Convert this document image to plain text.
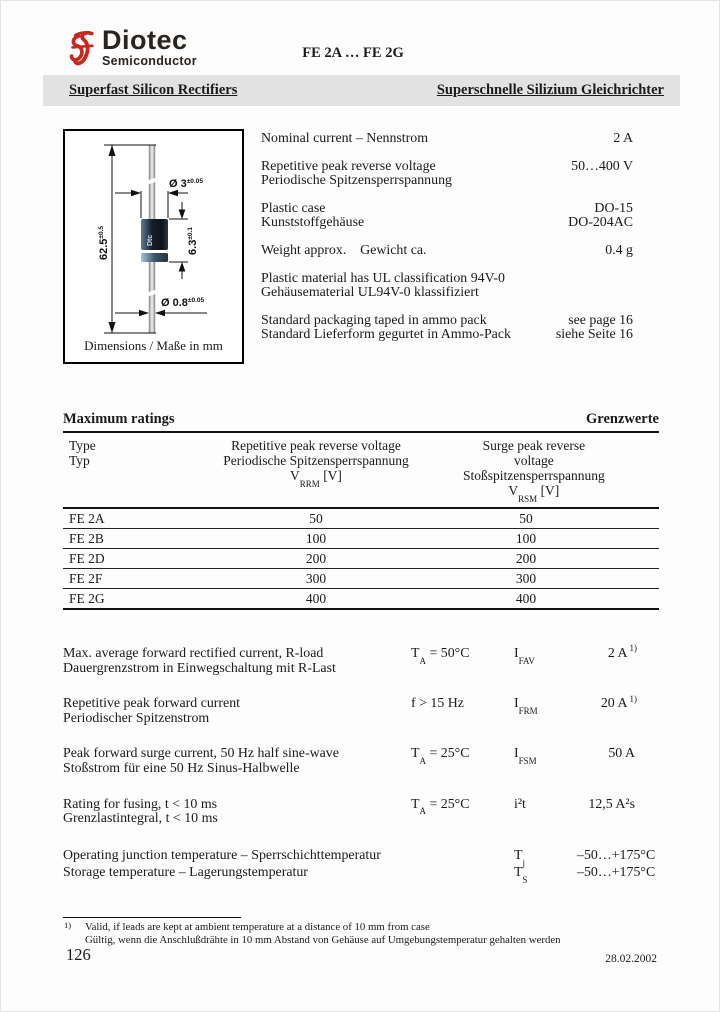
Diotec
Semiconductor	FE 2A … FE 2G
Superfast Silicon Rectifiers	Superschnelle Silizium Gleichrichter
Dtc
$62.5^{\pm 0.5}$
Ø $3^{\pm 0.05}$
$6.3^{\pm 0.1}$
Ø $0.8^{\pm 0.05}$
Dimensions / Maße in mm
Nominal current – Nennstrom	2 A
Repetitive peak reverse voltage
Periodische Spitzensperrspannung
50…400 V
Plastic case
Kunststoffgehäuse
DO-15
DO-204AC
Weight approx.    Gewicht ca.	0.4 g
Plastic material has UL classification 94V-0
Gehäusematerial UL94V-0 klassifiziert
Standard packaging taped in ammo pack
Standard Lieferform gegurtet in Ammo-Pack
see page 16
siehe Seite 16
Maximum ratings	Grenzwerte
Type
Typ
Repetitive peak reverse voltage
Periodische Spitzensperrspannung
$V_{RRM}$ [V]
Surge peak reverse voltage
Stoßspitzensperrspannung
$V_{RSM}$ [V]
FE 2A	50	50
FE 2B	100	100
FE 2D	200	200
FE 2F	300	300
FE 2G	400	400
Max. average forward rectified current, R-load
Dauergrenzstrom in Einwegschaltung mit R-Last
$T_A = 50^\circ C$	$I_{FAV}$	2 A $^{1)}$
Repetitive peak forward current
Periodischer Spitzenstrom
f > 15 Hz	$I_{FRM}$	20 A $^{1)}$
Peak forward surge current, 50 Hz half sine-wave
Stoßstrom für eine 50 Hz Sinus-Halbwelle
$T_A = 25^\circ C$	$I_{FSM}$	50 A
Rating for fusing, t < 10 ms
Grenzlastintegral, t < 10 ms
$T_A = 25^\circ C$	i²t	12,5 A²s
Operating junction temperature – Sperrschichttemperatur	$T_j$	–50…+175°C
Storage temperature – Lagerungstemperatur	$T_S$	–50…+175°C
1) Valid, if leads are kept at ambient temperature at a distance of 10 mm from case
Gültig, wenn die Anschlußdrähte in 10 mm Abstand von Gehäuse auf Umgebungstemperatur gehalten werden
126	28.02.2002
